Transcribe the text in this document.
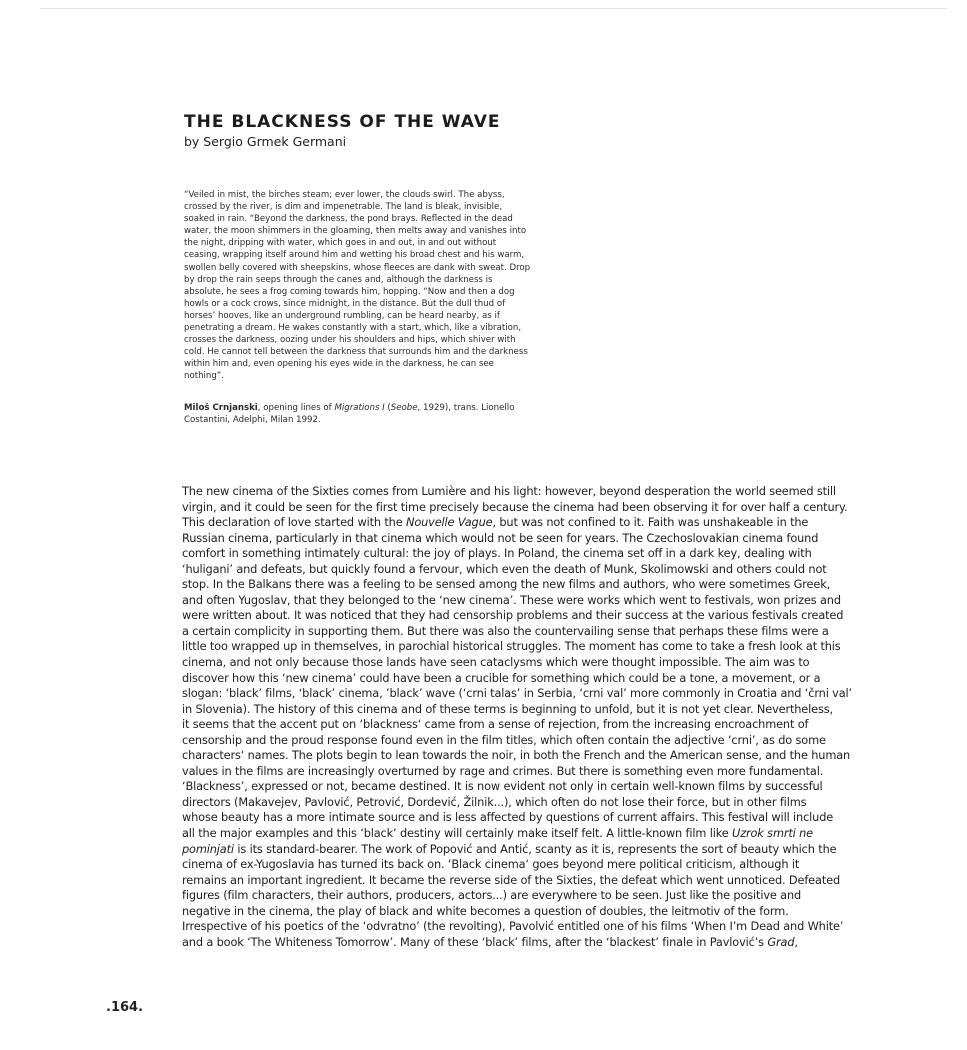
THE BLACKNESS OF THE WAVE

by Sergio Grmek Germani

“Veiled in mist, the birches steam; ever lower, the clouds swirl. The abyss, crossed by the river, is dim and impenetrable. The land is bleak, invisible, soaked in rain. “Beyond the darkness, the pond brays. Reflected in the dead water, the moon shimmers in the gloaming, then melts away and vanishes into the night, dripping with water, which goes in and out, in and out without ceasing, wrapping itself around him and wetting his broad chest and his warm, swollen belly covered with sheepskins, whose fleeces are dank with sweat. Drop by drop the rain seeps through the canes and, although the darkness is absolute, he sees a frog coming towards him, hopping. “Now and then a dog howls or a cock crows, since midnight, in the distance. But the dull thud of horses’ hooves, like an underground rumbling, can be heard nearby, as if penetrating a dream. He wakes constantly with a start, which, like a vibration, crosses the darkness, oozing under his shoulders and hips, which shiver with cold. He cannot tell between the darkness that surrounds him and the darkness within him and, even opening his eyes wide in the darkness, he can see nothing”.

Miloš Crnjanski, opening lines of Migrations I (Seobe, 1929), trans. Lionello Costantini, Adelphi, Milan 1992.

The new cinema of the Sixties comes from Lumière and his light: however, beyond desperation the world seemed still
virgin, and it could be seen for the first time precisely because the cinema had been observing it for over half a century.
This declaration of love started with the Nouvelle Vague, but was not confined to it. Faith was unshakeable in the
Russian cinema, particularly in that cinema which would not be seen for years. The Czechoslovakian cinema found
comfort in something intimately cultural: the joy of plays. In Poland, the cinema set off in a dark key, dealing with
‘huligani’ and defeats, but quickly found a fervour, which even the death of Munk, Skolimowski and others could not
stop. In the Balkans there was a feeling to be sensed among the new films and authors, who were sometimes Greek,
and often Yugoslav, that they belonged to the ‘new cinema’. These were works which went to festivals, won prizes and
were written about. It was noticed that they had censorship problems and their success at the various festivals created
a certain complicity in supporting them. But there was also the countervailing sense that perhaps these films were a
little too wrapped up in themselves, in parochial historical struggles. The moment has come to take a fresh look at this
cinema, and not only because those lands have seen cataclysms which were thought impossible. The aim was to
discover how this ‘new cinema’ could have been a crucible for something which could be a tone, a movement, or a
slogan: ‘black’ films, ‘black’ cinema, ’black’ wave (‘crni talas’ in Serbia, ‘crni val’ more commonly in Croatia and ‘črni val’
in Slovenia). The history of this cinema and of these terms is beginning to unfold, but it is not yet clear. Nevertheless,
it seems that the accent put on ‘blackness‘ came from a sense of rejection, from the increasing encroachment of
censorship and the proud response found even in the film titles, which often contain the adjective ‘crni’, as do some
characters‘ names. The plots begin to lean towards the noir, in both the French and the American sense, and the human
values in the films are increasingly overturned by rage and crimes. But there is something even more fundamental.
‘Blackness’, expressed or not, became destined. It is now evident not only in certain well-known films by successful
directors (Makavejev, Pavlović, Petrović, Dordević, Žilnik...), which often do not lose their force, but in other films
whose beauty has a more intimate source and is less affected by questions of current affairs. This festival will include
all the major examples and this ‘black’ destiny will certainly make itself felt. A little-known film like Uzrok smrti ne
pominjati is its standard-bearer. The work of Popović and Antić, scanty as it is, represents the sort of beauty which the
cinema of ex-Yugoslavia has turned its back on. ‘Black cinema‘ goes beyond mere political criticism, although it
remains an important ingredient. It became the reverse side of the Sixties, the defeat which went unnoticed. Defeated
figures (film characters, their authors, producers, actors...) are everywhere to be seen. Just like the positive and
negative in the cinema, the play of black and white becomes a question of doubles, the leitmotiv of the form.
Irrespective of his poetics of the ‘odvratno’ (the revolting), Pavolvić entitled one of his films ‘When I’m Dead and White’
and a book ‘The Whiteness Tomorrow’. Many of these ‘black’ films, after the ‘blackest’ finale in Pavlović’s Grad,
.164.
